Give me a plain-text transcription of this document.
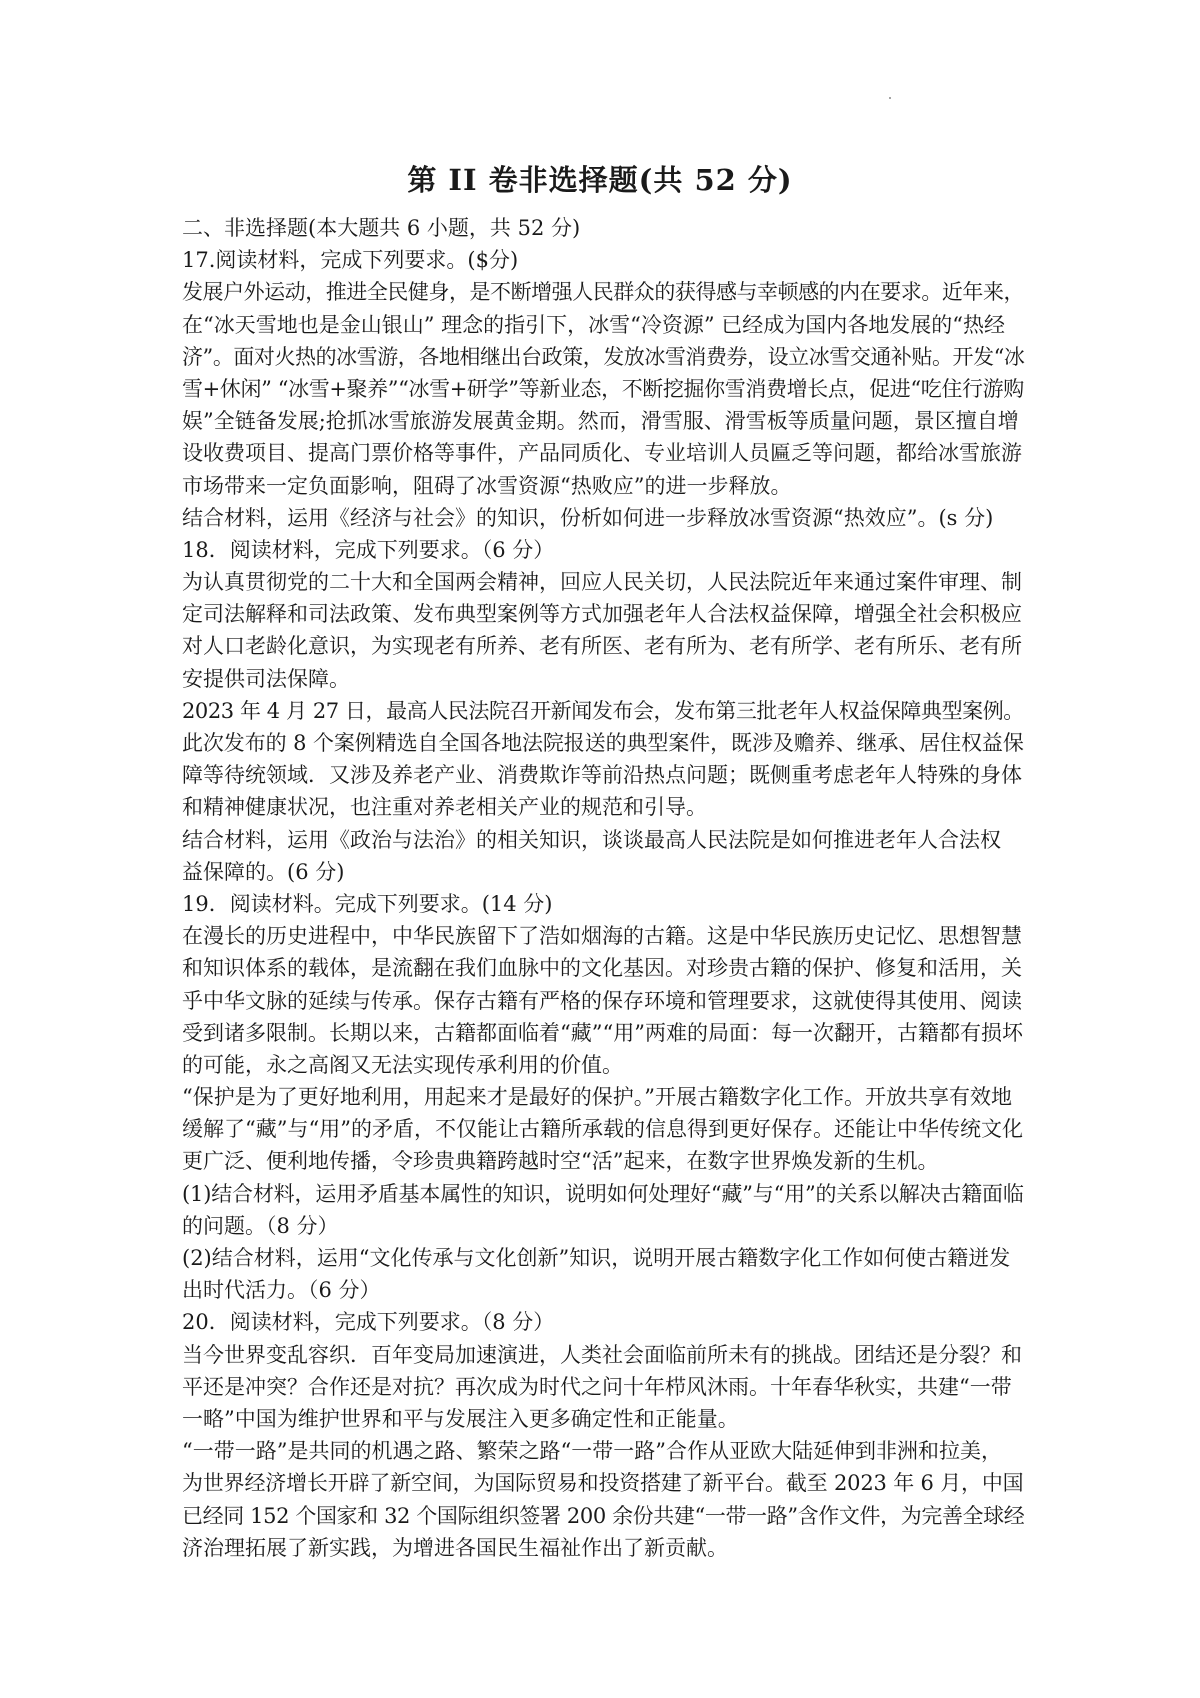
第 II 卷非选择题(共 52 分)
二、非选择题(本大题共 6 小题，共 52 分)
17.阅读材料，完成下列要求。($分)
发展户外运动，推进全民健身，是不断增强人民群众的获得感与幸顿感的内在要求。近年来，
在“冰天雪地也是金山银山” 理念的指引下，冰雪“冷资源” 已经成为国内各地发展的“热经
济”。面对火热的冰雪游，各地相继出台政策，发放冰雪消费券，设立冰雪交通补贴。开发“冰
雪+休闲” “冰雪+聚养”“冰雪+研学”等新业态，不断挖掘你雪消费增长点，促进“吃住行游购
娱”全链备发展;抢抓冰雪旅游发展黄金期。然而，滑雪服、滑雪板等质量问题，景区擅自增
设收费项目、提高门票价格等事件，产品同质化、专业培训人员匾乏等问题，都给冰雪旅游
市场带来一定负面影响，阻碍了冰雪资源“热败应”的进一步释放。
结合材料，运用《经济与社会》的知识，份析如何进一步释放冰雪资源“热效应”。(s 分)
18．阅读材料，完成下列要求。（6 分）
为认真贯彻党的二十大和全国两会精神，回应人民关切，人民法院近年来通过案件审理、制
定司法解释和司法政策、发布典型案例等方式加强老年人合法权益保障，增强全社会积极应
对人口老龄化意识，为实现老有所养、老有所医、老有所为、老有所学、老有所乐、老有所
安提供司法保障。
2023 年 4 月 27 日，最高人民法院召开新闻发布会，发布第三批老年人权益保障典型案例。
此次发布的 8 个案例精选自全国各地法院报送的典型案件，既涉及赡养、继承、居住权益保
障等待统领域．又涉及养老产业、消费欺诈等前沿热点问题；既侧重考虑老年人特殊的身体
和精神健康状况，也注重对养老相关产业的规范和引导。
结合材料，运用《政治与法治》的相关知识，谈谈最高人民法院是如何推进老年人合法权
益保障的。(6 分)
19．阅读材料。完成下列要求。(14 分)
在漫长的历史进程中，中华民族留下了浩如烟海的古籍。这是中华民族历史记忆、思想智慧
和知识体系的载体，是流翻在我们血脉中的文化基因。对珍贵古籍的保护、修复和活用，关
乎中华文脉的延续与传承。保存古籍有严格的保存环境和管理要求，这就使得其使用、阅读
受到诸多限制。长期以来，古籍都面临着“藏”“用”两难的局面：每一次翻开，古籍都有损坏
的可能，永之高阁又无法实现传承利用的价值。
“保护是为了更好地利用，用起来才是最好的保护。”开展古籍数字化工作。开放共享有效地
缓解了“藏”与“用”的矛盾，不仅能让古籍所承载的信息得到更好保存。还能让中华传统文化
更广泛、便利地传播，令珍贵典籍跨越时空“活”起来，在数字世界焕发新的生机。
(1)结合材料，运用矛盾基本属性的知识，说明如何处理好“藏”与“用”的关系以解决古籍面临
的问题。（8 分）
(2)结合材料，运用“文化传承与文化创新”知识，说明开展古籍数字化工作如何使古籍迸发
出时代活力。（6 分）
20．阅读材料，完成下列要求。（8 分）
当今世界变乱容织．百年变局加速演进，人类社会面临前所未有的挑战。团结还是分裂？和
平还是冲突？合作还是对抗？再次成为时代之问十年栉风沐雨。十年春华秋实，共建“一带
一略”中国为维护世界和平与发展注入更多确定性和正能量。
“一带一路”是共同的机遇之路、繁荣之路“一带一路”合作从亚欧大陆延伸到非洲和拉美，
为世界经济增长开辟了新空间，为国际贸易和投资搭建了新平台。截至 2023 年 6 月，中国
已经同 152 个国家和 32 个国际组织签署 200 余份共建“一带一路”含作文件，为完善全球经
济治理拓展了新实践，为增进各国民生福祉作出了新贡献。
